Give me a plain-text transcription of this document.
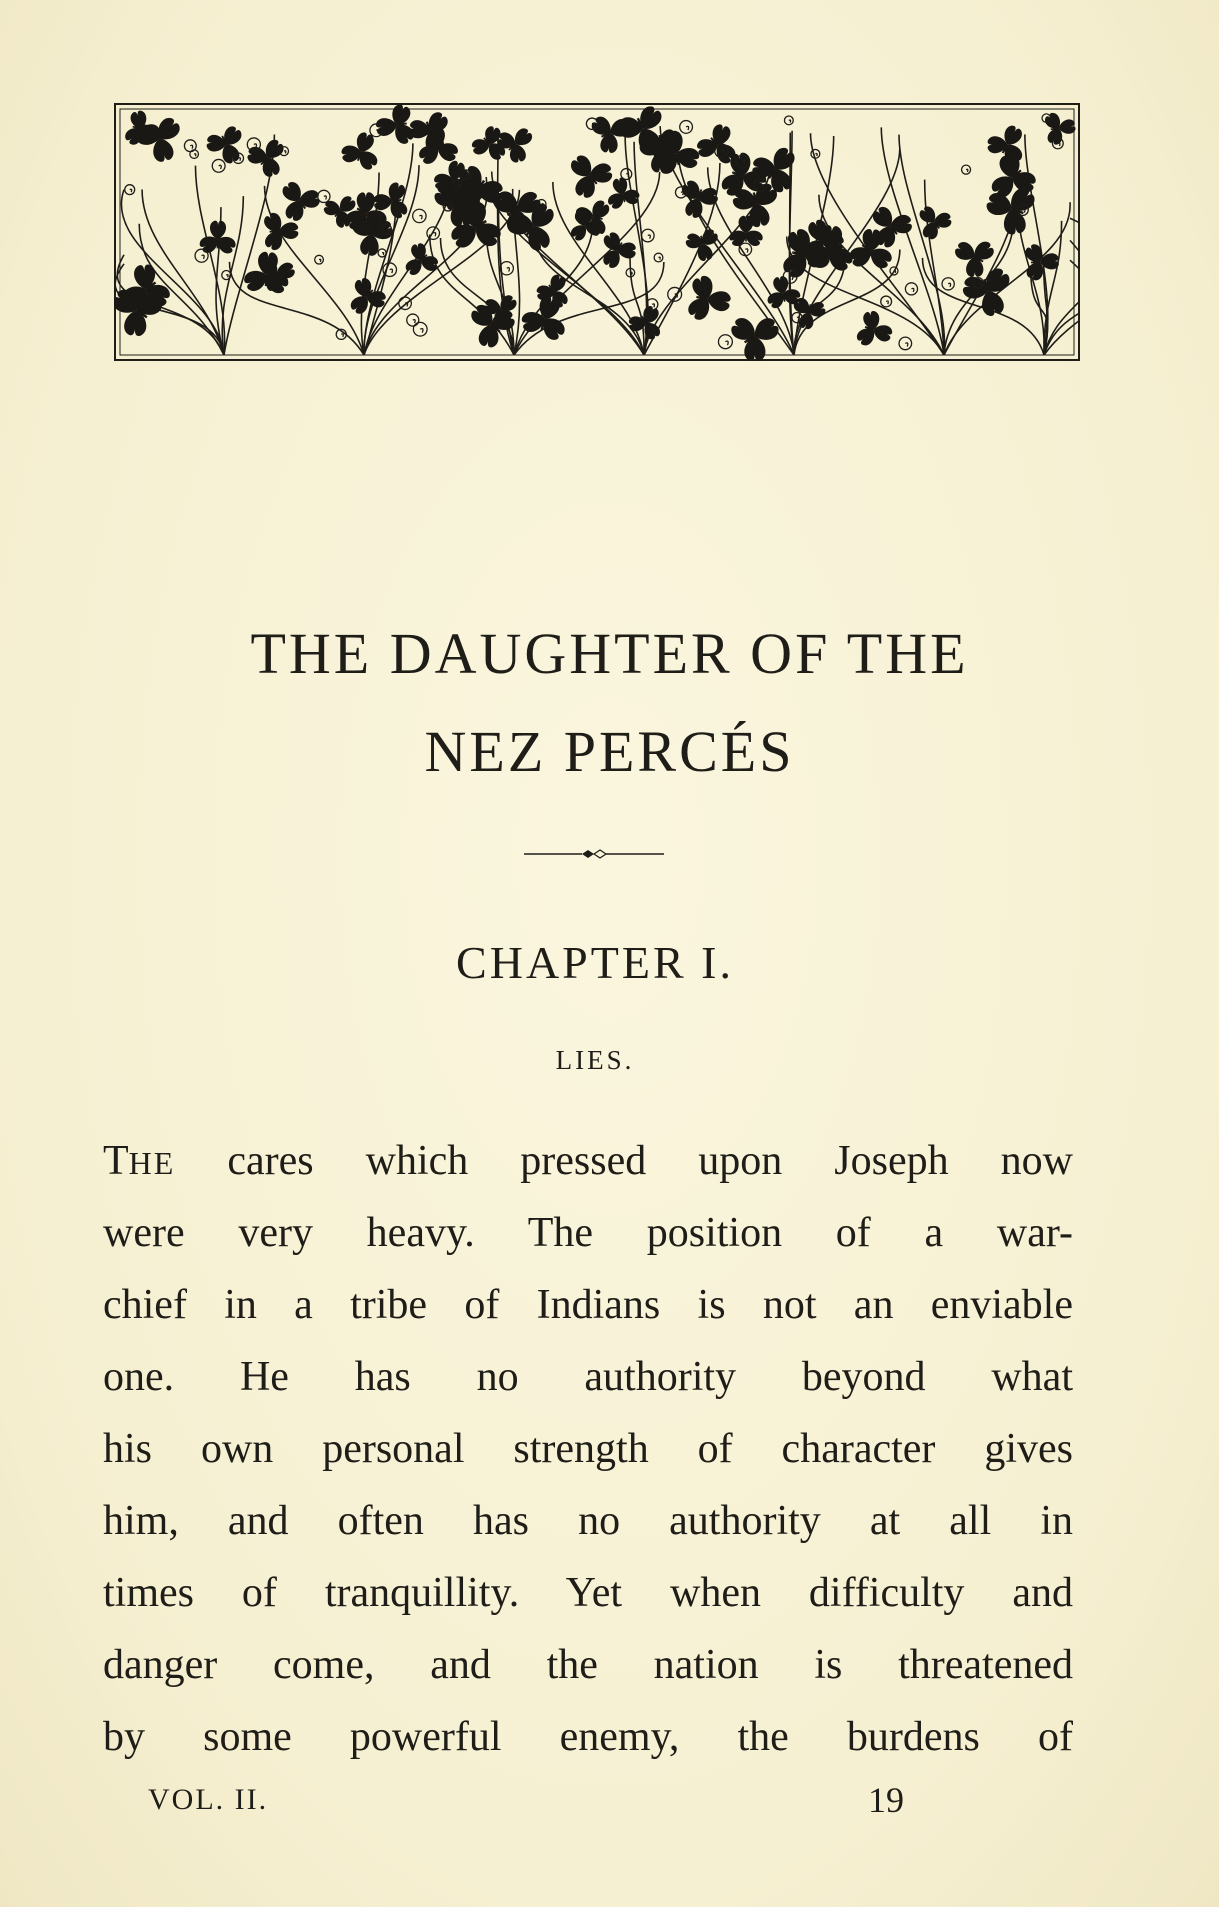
THE DAUGHTER OF THE
NEZ PERCÉS
CHAPTER I.
LIES.
THE cares which pressed upon Joseph now
were very heavy. The position of a war-
chief in a tribe of Indians is not an enviable
one. He has no authority beyond what
his own personal strength of character gives
him, and often has no authority at all in
times of tranquillity. Yet when difficulty and
danger come, and the nation is threatened
by some powerful enemy, the burdens of
VOL. II.	19
